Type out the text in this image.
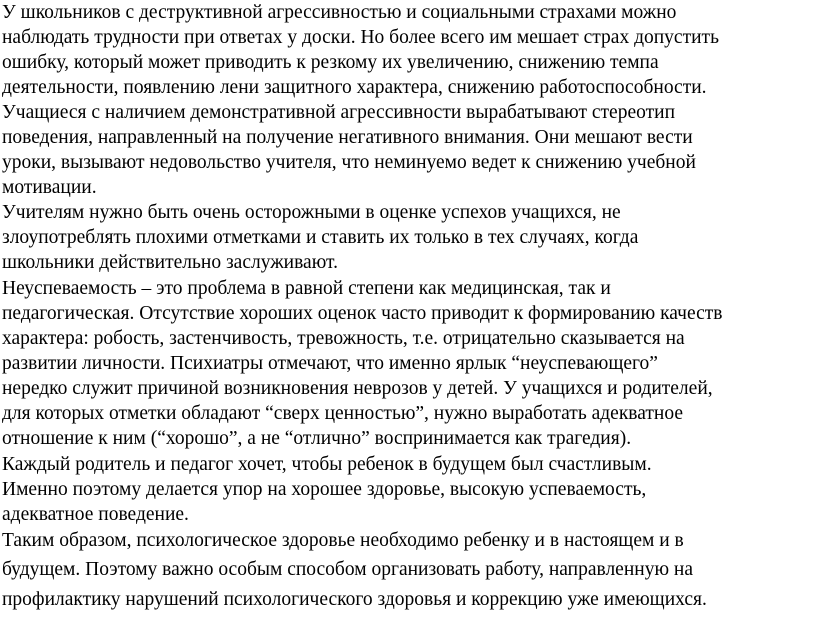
У школьников с деструктивной агрессивностью и социальными страхами можно
наблюдать трудности при ответах у доски. Но более всего им мешает страх допустить
ошибку, который может приводить к резкому их увеличению, снижению темпа
деятельности, появлению лени защитного характера, снижению работоспособности.
Учащиеся с наличием демонстративной агрессивности вырабатывают стереотип
поведения, направленный на получение негативного внимания. Они мешают вести
уроки, вызывают недовольство учителя, что неминуемо ведет к снижению учебной
мотивации.
Учителям нужно быть очень осторожными в оценке успехов учащихся, не
злоупотреблять плохими отметками и ставить их только в тех случаях, когда
школьники действительно заслуживают.
Неуспеваемость – это проблема в равной степени как медицинская, так и
педагогическая. Отсутствие хороших оценок часто приводит к формированию качеств
характера: робость, застенчивость, тревожность, т.е. отрицательно сказывается на
развитии личности. Психиатры отмечают, что именно ярлык “неуспевающего”
нередко служит причиной возникновения неврозов у детей. У учащихся и родителей,
для которых отметки обладают “сверх ценностью”, нужно выработать адекватное
отношение к ним (“хорошо”, а не “отлично” воспринимается как трагедия).
Каждый родитель и педагог хочет, чтобы ребенок в будущем был счастливым.
Именно поэтому делается упор на хорошее здоровье, высокую успеваемость,
адекватное поведение.
Таким образом, психологическое здоровье необходимо ребенку и в настоящем и в
будущем. Поэтому важно особым способом организовать работу, направленную на
профилактику нарушений психологического здоровья и коррекцию уже имеющихся.
